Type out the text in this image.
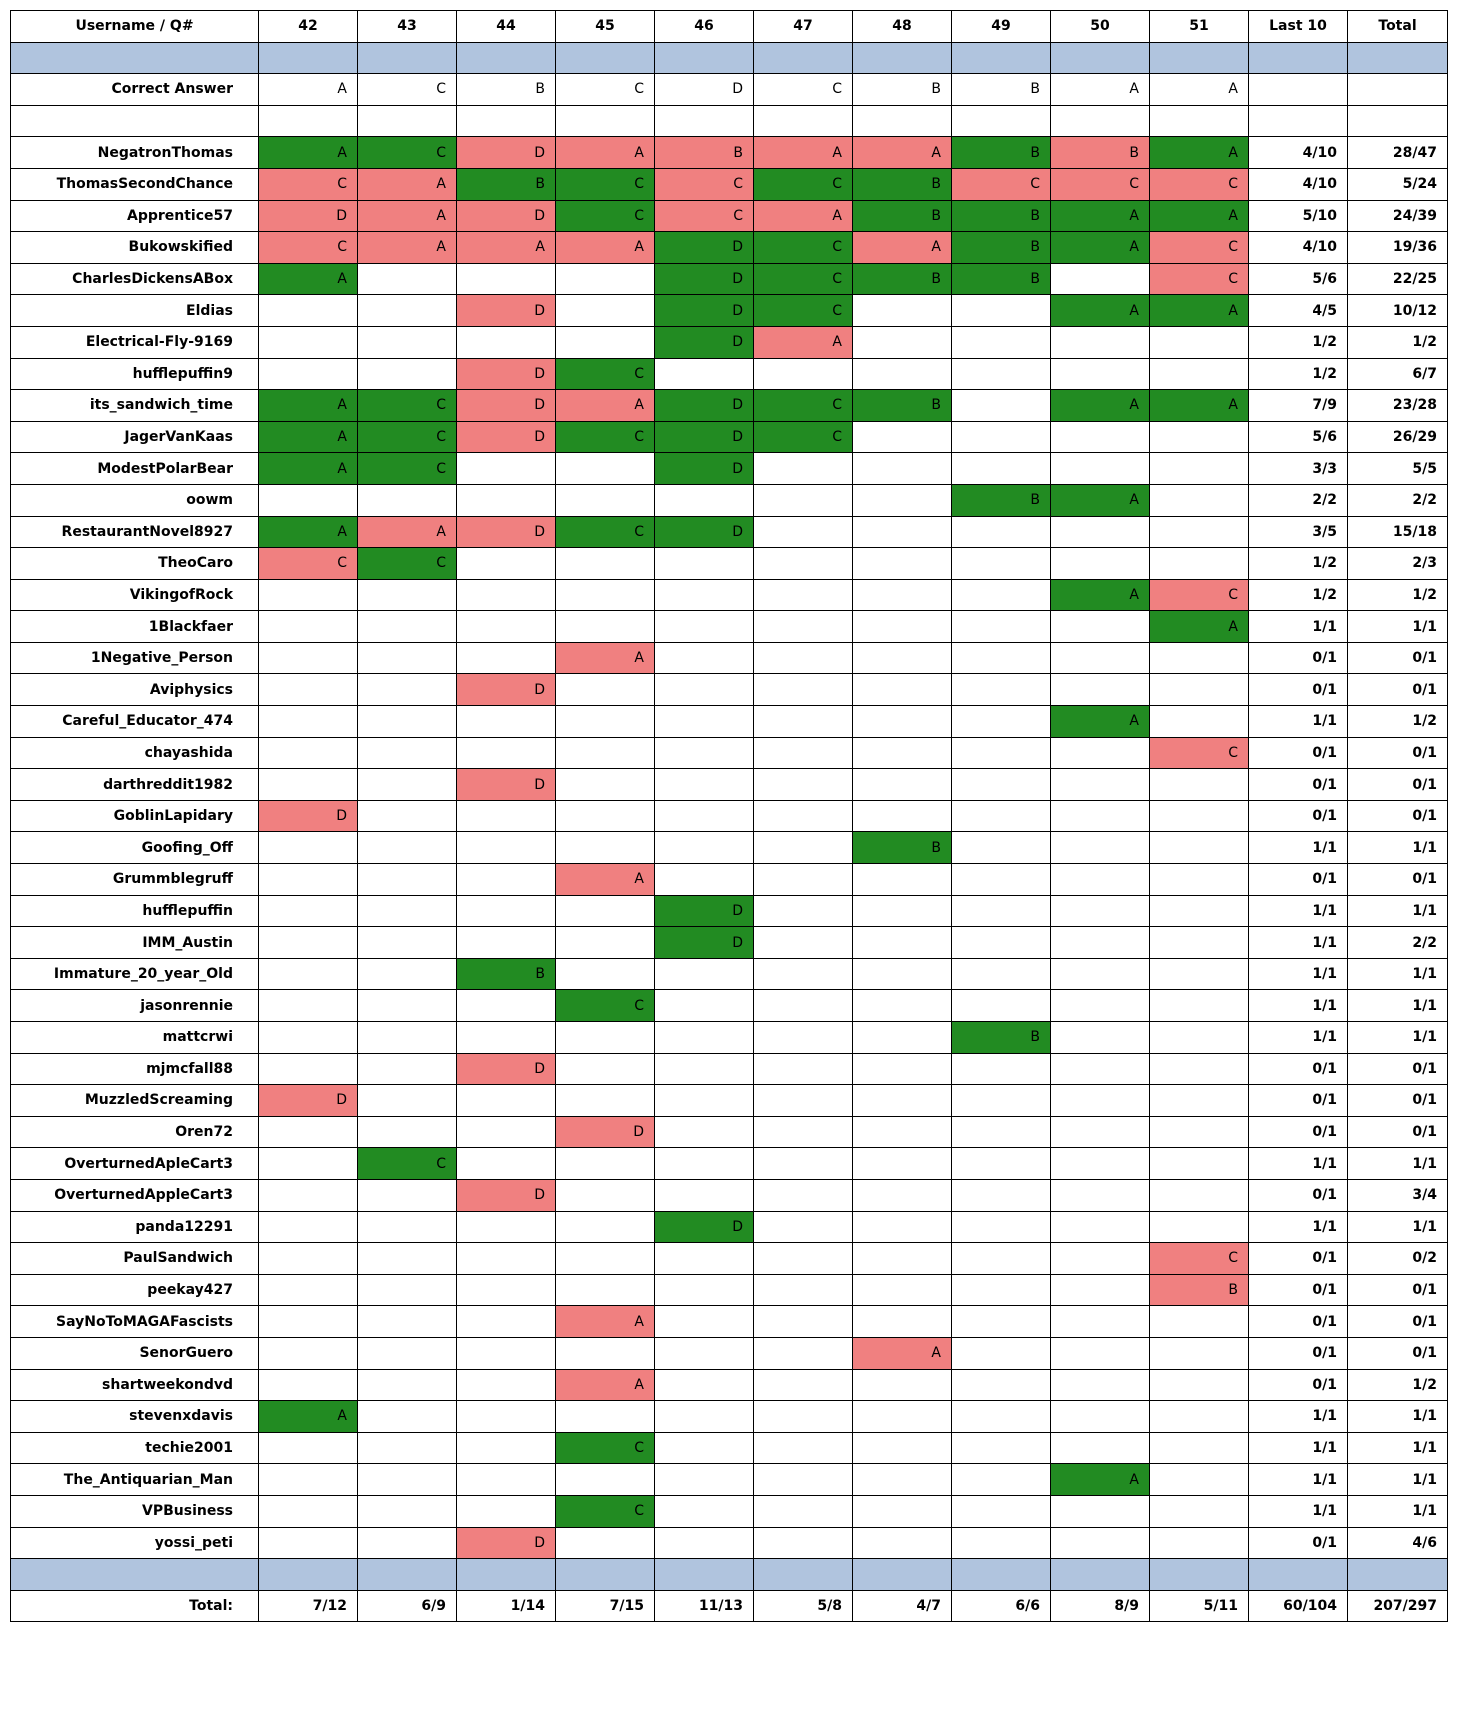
Username / Q#	42	43	44	45	46	47	48	49	50	51	Last 10	Total

Correct Answer	A	C	B	C	D	C	B	B	A	A		

NegatronThomas	A	C	D	A	B	A	A	B	B	A	4/10	28/47
ThomasSecondChance	C	A	B	C	C	C	B	C	C	C	4/10	5/24
Apprentice57	D	A	D	C	C	A	B	B	A	A	5/10	24/39
Bukowskified	C	A	A	A	D	C	A	B	A	C	4/10	19/36
CharlesDickensABox	A				D	C	B	B		C	5/6	22/25
Eldias			D		D	C			A	A	4/5	10/12
Electrical-Fly-9169					D	A					1/2	1/2
hufflepuffin9			D	C							1/2	6/7
its_sandwich_time	A	C	D	A	D	C	B		A	A	7/9	23/28
JagerVanKaas	A	C	D	C	D	C					5/6	26/29
ModestPolarBear	A	C			D						3/3	5/5
oowm								B	A		2/2	2/2
RestaurantNovel8927	A	A	D	C	D						3/5	15/18
TheoCaro	C	C									1/2	2/3
VikingofRock									A	C	1/2	1/2
1Blackfaer										A	1/1	1/1
1Negative_Person				A							0/1	0/1
Aviphysics			D								0/1	0/1
Careful_Educator_474									A		1/1	1/2
chayashida										C	0/1	0/1
darthreddit1982			D								0/1	0/1
GoblinLapidary	D										0/1	0/1
Goofing_Off							B				1/1	1/1
Grummblegruff				A							0/1	0/1
hufflepuffin					D						1/1	1/1
IMM_Austin					D						1/1	2/2
Immature_20_year_Old			B								1/1	1/1
jasonrennie				C							1/1	1/1
mattcrwi								B			1/1	1/1
mjmcfall88			D								0/1	0/1
MuzzledScreaming	D										0/1	0/1
Oren72				D							0/1	0/1
OverturnedApleCart3		C									1/1	1/1
OverturnedAppleCart3			D								0/1	3/4
panda12291					D						1/1	1/1
PaulSandwich										C	0/1	0/2
peekay427										B	0/1	0/1
SayNoToMAGAFascists				A							0/1	0/1
SenorGuero							A				0/1	0/1
shartweekondvd				A							0/1	1/2
stevenxdavis	A										1/1	1/1
techie2001				C							1/1	1/1
The_Antiquarian_Man									A		1/1	1/1
VPBusiness				C							1/1	1/1
yossi_peti			D								0/1	4/6

Total:	7/12	6/9	1/14	7/15	11/13	5/8	4/7	6/6	8/9	5/11	60/104	207/297
